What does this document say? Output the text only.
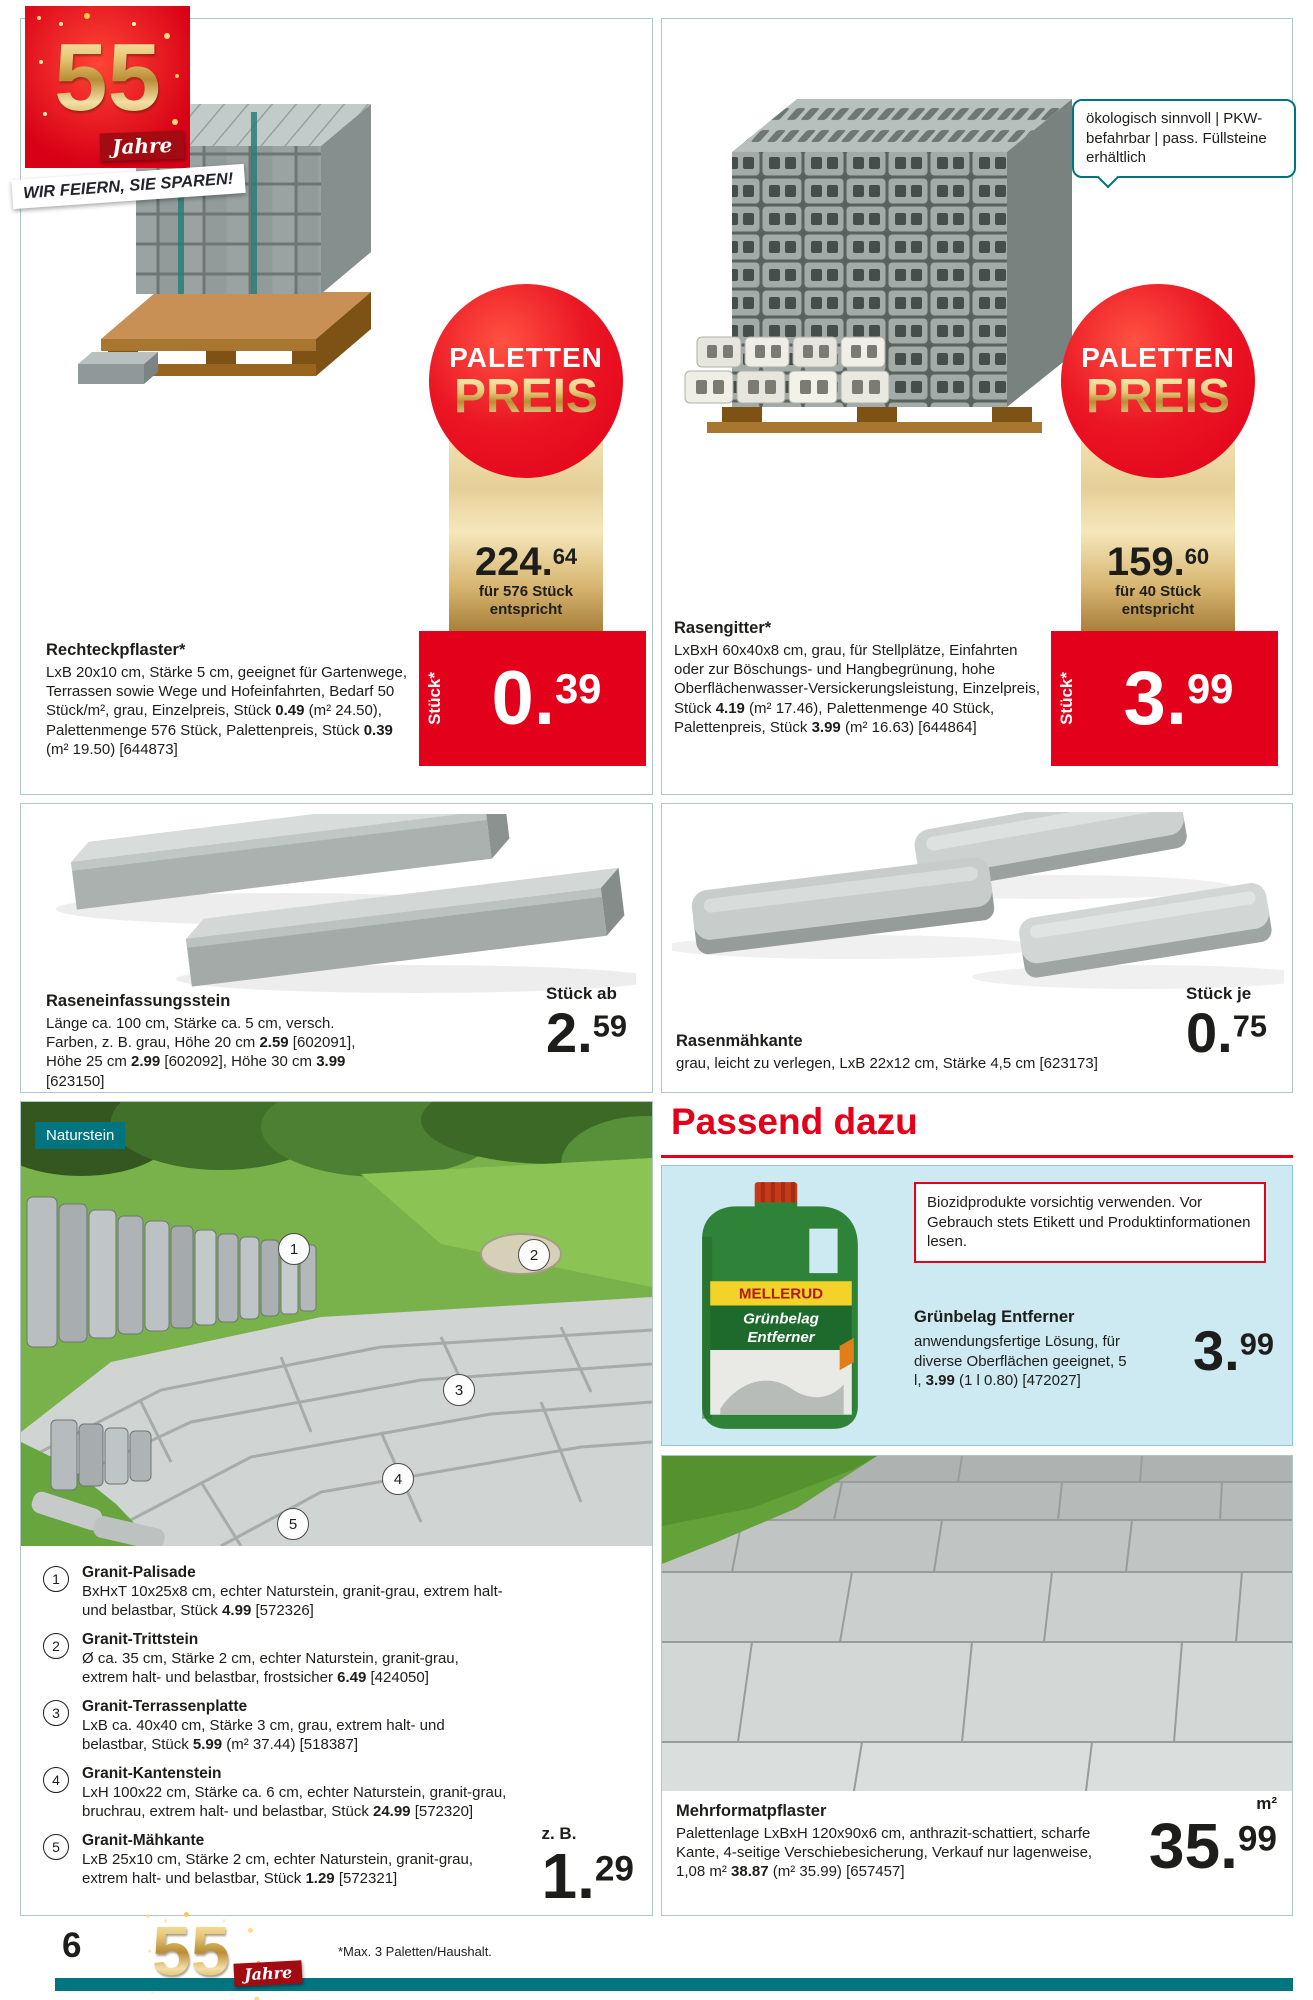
224.64
für 576 Stück
entspricht
PALETTEN
PREIS
Stück* 0.39
Rechteckpflaster*
LxB 20x10 cm, Stärke 5 cm, geeignet für Gartenwege, Terrassen sowie Wege und Hofeinfahrten, Bedarf 50 Stück/m², grau, Einzelpreis, Stück 0.49 (m² 24.50), Palettenmenge 576 Stück, Palettenpreis, Stück 0.39 (m² 19.50) [644873]
ökologisch sinnvoll | PKW-befahrbar | pass. Füllsteine erhältlich
159.60
für 40 Stück
entspricht
PALETTEN
PREIS
Stück* 3.99
Rasengitter*
LxBxH 60x40x8 cm, grau, für Stellplätze, Einfahrten oder zur Böschungs- und Hangbegrünung, hohe Oberflächenwasser-Versickerungsleistung, Einzelpreis, Stück 4.19 (m² 17.46), Palettenmenge 40 Stück, Palettenpreis, Stück 3.99 (m² 16.63) [644864]
Raseneinfassungsstein
Länge ca. 100 cm, Stärke ca. 5 cm, versch. Farben, z. B. grau, Höhe 20 cm 2.59 [602091], Höhe 25 cm 2.99 [602092], Höhe 30 cm 3.99 [623150]
Stück ab
2.59	Rasenmähkante
grau, leicht zu verlegen, LxB 22x12 cm, Stärke 4,5 cm [623173]
Stück je
0.75
Naturstein
1	2
3
4
5
1	Granit-Palisade
BxHxT 10x25x8 cm, echter Naturstein, granit-grau, extrem halt- und belastbar, Stück 4.99 [572326]
2	Granit-Trittstein
Ø ca. 35 cm, Stärke 2 cm, echter Naturstein, granit-grau, extrem halt- und belastbar, frostsicher 6.49 [424050]
3	Granit-Terrassenplatte
LxB ca. 40x40 cm, Stärke 3 cm, grau, extrem halt- und belastbar, Stück 5.99 (m² 37.44) [518387]
4	Granit-Kantenstein
LxH 100x22 cm, Stärke ca. 6 cm, echter Naturstein, granit-grau, bruchrau, extrem halt- und belastbar, Stück 24.99 [572320]
5	Granit-Mähkante
LxB 25x10 cm, Stärke 2 cm, echter Naturstein, granit-grau, extrem halt- und belastbar, Stück 1.29 [572321]
z. B.
1.29
Passend dazu
MELLERUD
Grünbelag
Entferner
Biozidprodukte vorsichtig verwenden. Vor Gebrauch stets Etikett und Produktinformationen lesen.
Grünbelag Entferner
anwendungsfertige Lösung, für diverse Oberflächen geeignet, 5 l, 3.99 (1 l 0.80) [472027]	3.99
Mehrformatpflaster
Palettenlage LxBxH 120x90x6 cm, anthrazit-schattiert, scharfe Kante, 4-seitige Verschiebesicherung, Verkauf nur lagenweise, 1,08 m² 38.87 (m² 35.99) [657457]
m²
35.99
55
Jahre
WIR FEIERN, SIE SPAREN!
6	*Max. 3 Paletten/Haushalt.
55 Jahre
